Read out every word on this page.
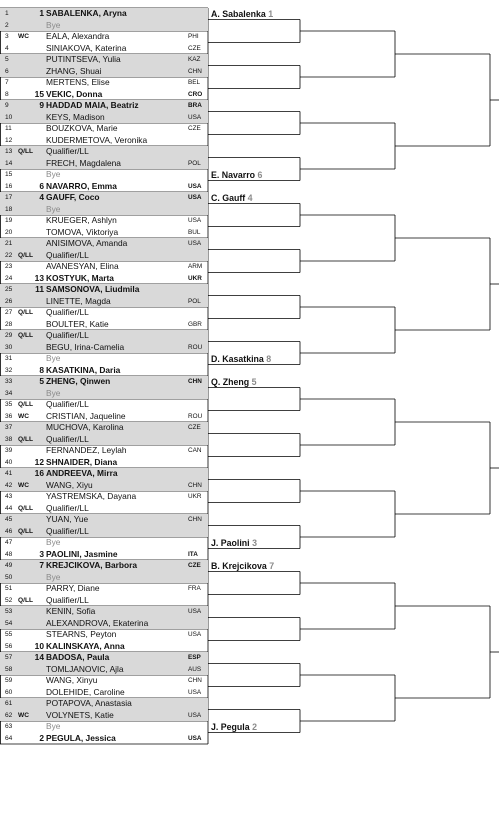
1	1 SABALENKA, Aryna
2	Bye
3	WC	EALA, Alexandra	PHI
4	SINIAKOVA, Katerina	CZE
5	PUTINTSEVA, Yulia	KAZ
6	ZHANG, Shuai	CHN
7	MERTENS, Elise	BEL
8	15 VEKIC, Donna	CRO
9	9 HADDAD MAIA, Beatriz	BRA
10	KEYS, Madison	USA
11	BOUZKOVA, Marie	CZE
12	KUDERMETOVA, Veronika
13 Q/LL	Qualifier/LL
14	FRECH, Magdalena	POL
15	Bye
16	6 NAVARRO, Emma	USA
17	4 GAUFF, Coco	USA
18	Bye
19	KRUEGER, Ashlyn	USA
20	TOMOVA, Viktoriya	BUL
21	ANISIMOVA, Amanda	USA
22 Q/LL	Qualifier/LL
23	AVANESYAN, Elina	ARM
24	13 KOSTYUK, Marta	UKR
25	11 SAMSONOVA, Liudmila
26	LINETTE, Magda	POL
27 Q/LL	Qualifier/LL
28	BOULTER, Katie	GBR
29 Q/LL	Qualifier/LL
30	BEGU, Irina-Camelia	ROU
31	Bye
32	8 KASATKINA, Daria
33	5 ZHENG, Qinwen	CHN
34	Bye
35 Q/LL	Qualifier/LL
36 WC	CRISTIAN, Jaqueline	ROU
37	MUCHOVA, Karolina	CZE
38 Q/LL	Qualifier/LL
39	FERNANDEZ, Leylah	CAN
40	12 SHNAIDER, Diana
41	16 ANDREEVA, Mirra
42 WC	WANG, Xiyu	CHN
43	YASTREMSKA, Dayana	UKR
44 Q/LL	Qualifier/LL
45	YUAN, Yue	CHN
46 Q/LL	Qualifier/LL
47	Bye
48	3 PAOLINI, Jasmine	ITA
49	7 KREJCIKOVA, Barbora	CZE
50	Bye
51	PARRY, Diane	FRA
52 Q/LL	Qualifier/LL
53	KENIN, Sofia	USA
54	ALEXANDROVA, Ekaterina
55	STEARNS, Peyton	USA
56	10 KALINSKAYA, Anna
57	14 BADOSA, Paula	ESP
58	TOMLJANOVIC, Ajla	AUS
59	WANG, Xinyu	CHN
60	DOLEHIDE, Caroline	USA
61	POTAPOVA, Anastasia
62 WC	VOLYNETS, Katie	USA
63	Bye
64	2 PEGULA, Jessica	USA
A. Sabalenka 1
E. Navarro 6
C. Gauff 4
D. Kasatkina 8
Q. Zheng 5
J. Paolini 3
B. Krejcikova 7
J. Pegula 2
